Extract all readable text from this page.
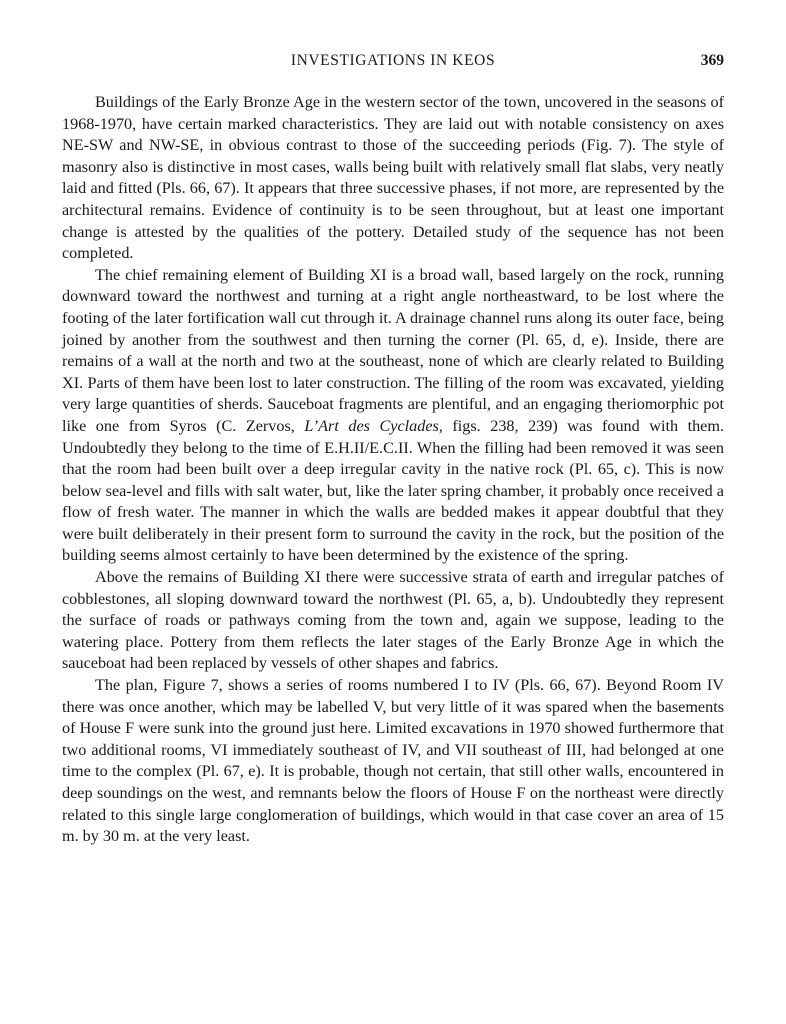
INVESTIGATIONS IN KEOS	369

Buildings of the Early Bronze Age in the western sector of the town, uncovered in the seasons of 1968-1970, have certain marked characteristics. They are laid out with notable consistency on axes NE-SW and NW-SE, in obvious contrast to those of the succeeding periods (Fig. 7). The style of masonry also is distinctive in most cases, walls being built with relatively small flat slabs, very neatly laid and fitted (Pls. 66, 67). It appears that three successive phases, if not more, are represented by the architectural remains. Evidence of continuity is to be seen throughout, but at least one important change is attested by the qualities of the pottery. Detailed study of the sequence has not been completed.

The chief remaining element of Building XI is a broad wall, based largely on the rock, running downward toward the northwest and turning at a right angle northeastward, to be lost where the footing of the later fortification wall cut through it. A drainage channel runs along its outer face, being joined by another from the southwest and then turning the corner (Pl. 65, d, e). Inside, there are remains of a wall at the north and two at the southeast, none of which are clearly related to Building XI. Parts of them have been lost to later construction. The filling of the room was excavated, yielding very large quantities of sherds. Sauceboat fragments are plentiful, and an engaging theriomorphic pot like one from Syros (C. Zervos, L’Art des Cyclades, figs. 238, 239) was found with them. Undoubtedly they belong to the time of E.H.II/E.C.II. When the filling had been removed it was seen that the room had been built over a deep irregular cavity in the native rock (Pl. 65, c). This is now below sea-level and fills with salt water, but, like the later spring chamber, it probably once received a flow of fresh water. The manner in which the walls are bedded makes it appear doubtful that they were built deliberately in their present form to surround the cavity in the rock, but the position of the building seems almost certainly to have been determined by the existence of the spring.

Above the remains of Building XI there were successive strata of earth and irregular patches of cobblestones, all sloping downward toward the northwest (Pl. 65, a, b). Undoubtedly they represent the surface of roads or pathways coming from the town and, again we suppose, leading to the watering place. Pottery from them reflects the later stages of the Early Bronze Age in which the sauceboat had been replaced by vessels of other shapes and fabrics.

The plan, Figure 7, shows a series of rooms numbered I to IV (Pls. 66, 67). Beyond Room IV there was once another, which may be labelled V, but very little of it was spared when the basements of House F were sunk into the ground just here. Limited excavations in 1970 showed furthermore that two additional rooms, VI immediately southeast of IV, and VII southeast of III, had belonged at one time to the complex (Pl. 67, e). It is probable, though not certain, that still other walls, encountered in deep soundings on the west, and remnants below the floors of House F on the northeast were directly related to this single large conglomeration of buildings, which would in that case cover an area of 15 m. by 30 m. at the very least.
